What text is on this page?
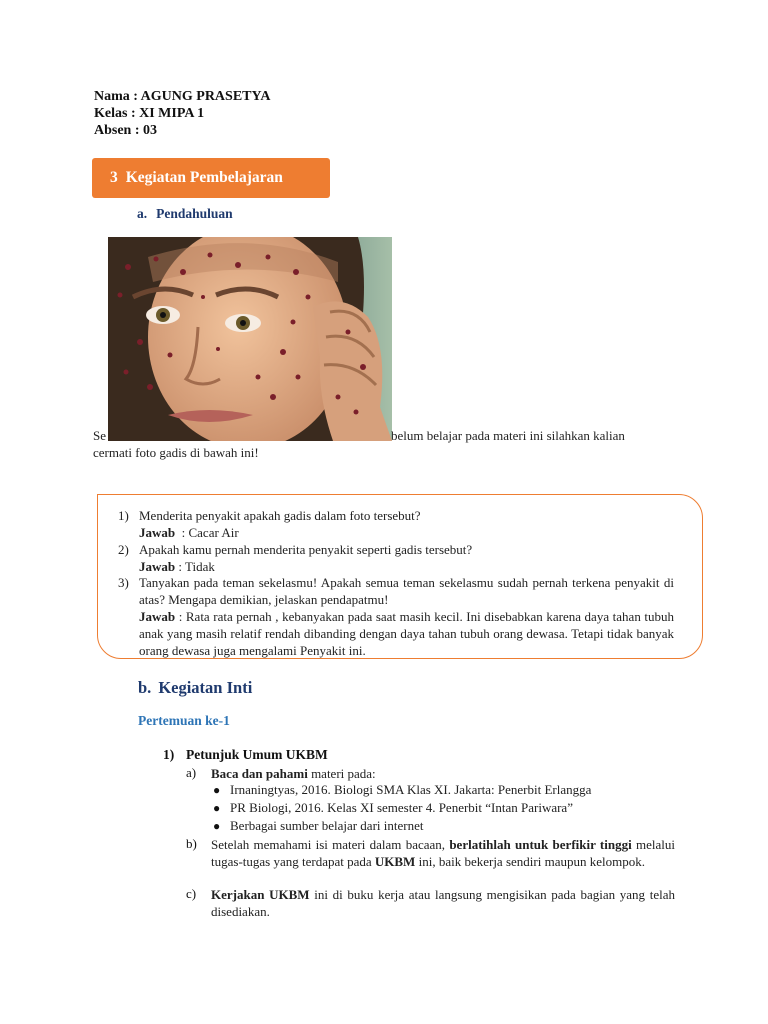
Nama : AGUNG PRASETYA
Kelas : XI MIPA 1
Absen : 03
3 Kegiatan Pembelajaran
a. Pendahuluan
Se	belum belajar pada materi ini silahkan kalian
cermati foto gadis di bawah ini!
1) Menderita penyakit apakah gadis dalam foto tersebut?
Jawab  : Cacar Air
2) Apakah kamu pernah menderita penyakit seperti gadis tersebut?
Jawab : Tidak
3) Tanyakan pada teman sekelasmu! Apakah semua teman sekelasmu sudah pernah terkena penyakit di atas? Mengapa demikian, jelaskan pendapatmu!
Jawab : Rata rata pernah , kebanyakan pada saat masih kecil. Ini disebabkan karena daya tahan tubuh anak yang masih relatif rendah dibanding dengan daya tahan tubuh orang dewasa. Tetapi tidak banyak orang dewasa juga mengalami Penyakit ini.
b. Kegiatan Inti
Pertemuan ke-1
1) Petunjuk Umum UKBM
a) Baca dan pahami materi pada:
● Irnaningtyas, 2016. Biologi SMA Klas XI. Jakarta: Penerbit Erlangga
● PR Biologi, 2016. Kelas XI semester 4. Penerbit “Intan Pariwara”
● Berbagai sumber belajar dari internet
b) Setelah memahami isi materi dalam bacaan, berlatihlah untuk berfikir tinggi melalui tugas-tugas yang terdapat pada UKBM ini, baik bekerja sendiri maupun kelompok.
c) Kerjakan UKBM ini di buku kerja atau langsung mengisikan pada bagian yang telah disediakan.
